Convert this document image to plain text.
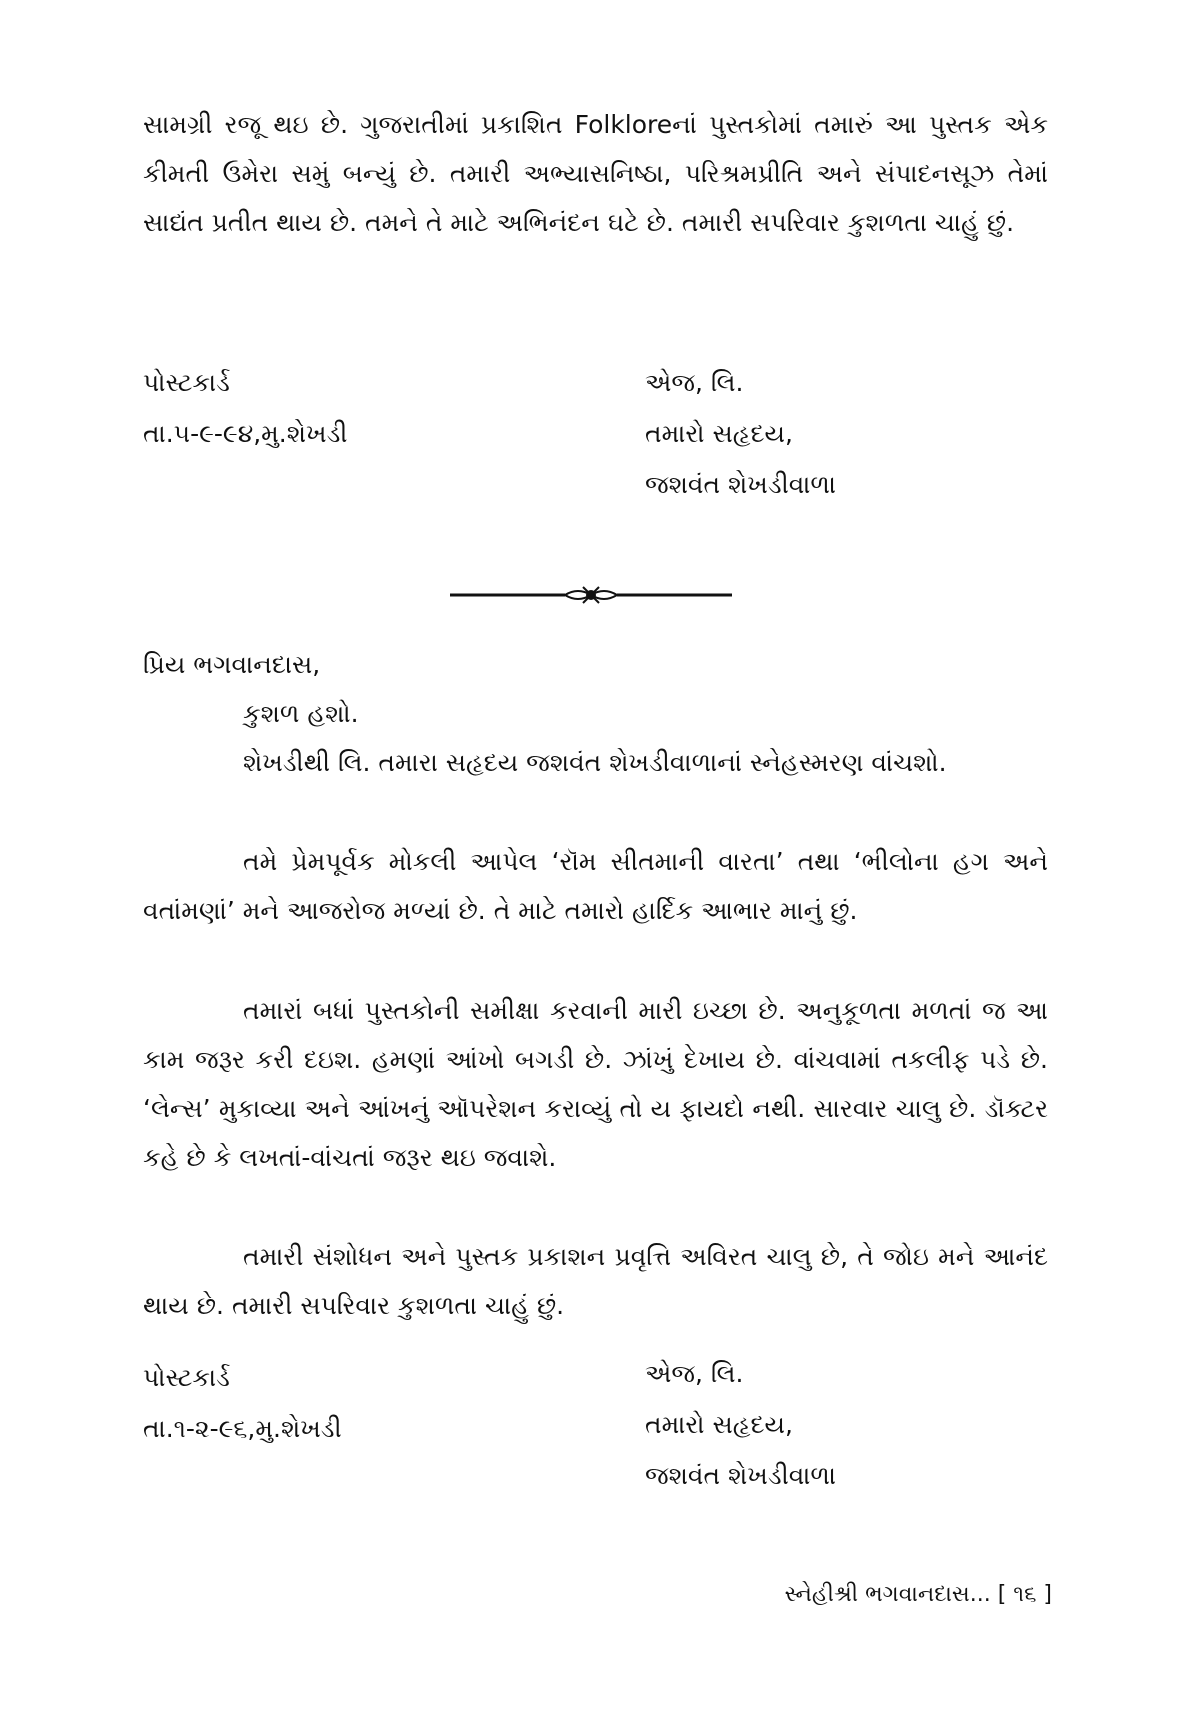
સામગ્રી રજૂ થઇ છે. ગુજરાતીમાં પ્રકાશિત Folkloreનાં પુસ્તકોમાં તમારું આ પુસ્તક એક કીમતી ઉમેરા સમું બન્યું છે. તમારી અભ્યાસનિષ્ઠા, પરિશ્રમપ્રીતિ અને સંપાદનસૂઝ તેમાં સાદ્યંત પ્રતીત થાય છે. તમને તે માટે અભિનંદન ઘટે છે. તમારી સપરિવાર કુશળતા ચાહું છું.

પોસ્ટકાર્ડ
તા.૫-૯-૯૪,મુ.શેખડી
એજ, લિ.
તમારો સહૃદય,
જશવંત શેખડીવાળા
પ્રિય ભગવાનદાસ,
કુશળ હશો.
શેખડીથી લિ. તમારા સહૃદય જશવંત શેખડીવાળાનાં સ્નેહસ્મરણ વાંચશો.
તમે પ્રેમપૂર્વક મોકલી આપેલ ‘રૉમ સીતમાની વારતા’ તથા ‘ભીલોના હગ અને વતાંમણાં’ મને આજરોજ મળ્યાં છે. તે માટે તમારો હાર્દિક આભાર માનું છું.
તમારાં બધાં પુસ્તકોની સમીક્ષા કરવાની મારી ઇચ્છા છે. અનુકૂળતા મળતાં જ આ કામ જરૂર કરી દઇશ. હમણાં આંખો બગડી છે. ઝાંખું દેખાય છે. વાંચવામાં તકલીફ પડે છે. ‘લેન્સ’ મુકાવ્યા અને આંખનું ઑપરેશન કરાવ્યું તો ય ફાયદો નથી. સારવાર ચાલુ છે. ડૉક્ટર કહે છે કે લખતાં-વાંચતાં જરૂર થઇ જવાશે.
તમારી સંશોધન અને પુસ્તક પ્રકાશન પ્રવૃત્તિ અવિરત ચાલુ છે, તે જોઇ મને આનંદ થાય છે. તમારી સપરિવાર કુશળતા ચાહું છું.
પોસ્ટકાર્ડ
તા.૧-૨-૯૬,મુ.શેખડી
એજ, લિ.
તમારો સહૃદય,
જશવંત શેખડીવાળા
સ્નેહીશ્રી ભગવાનદાસ... [ ૧૬ ]
